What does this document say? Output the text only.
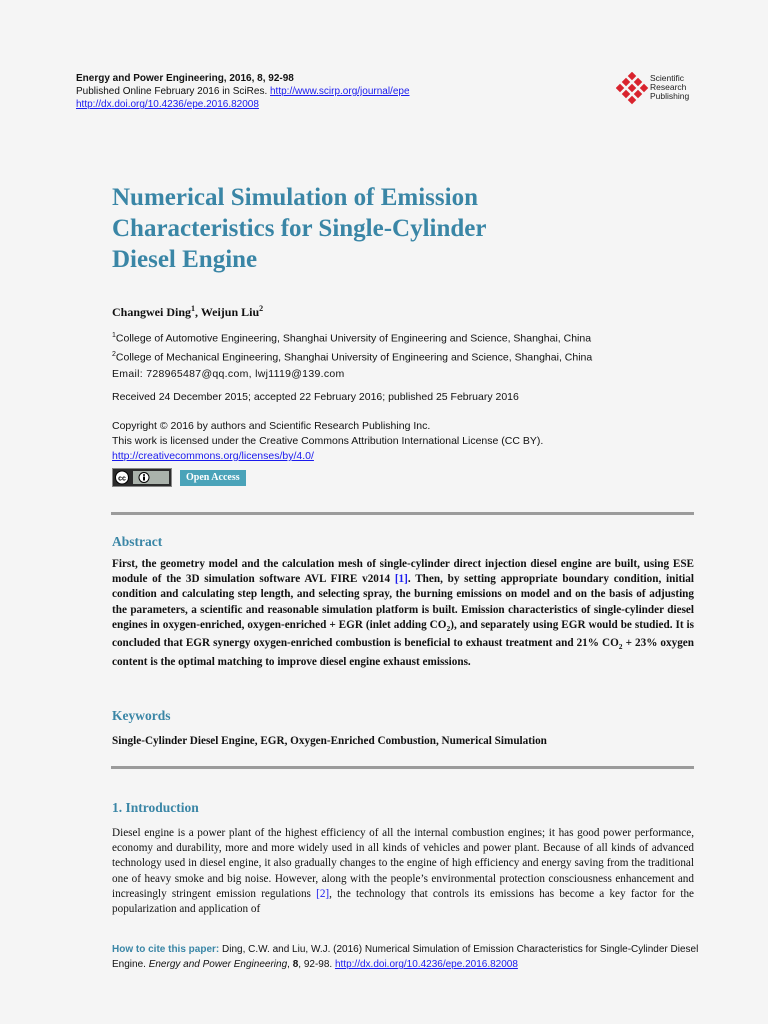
Energy and Power Engineering, 2016, 8, 92-98
Published Online February 2016 in SciRes. http://www.scirp.org/journal/epe
http://dx.doi.org/10.4236/epe.2016.82008
Scientific
Research
Publishing
Numerical Simulation of Emission
Characteristics for Single-Cylinder
Diesel Engine
Changwei Ding$^1$, Weijun Liu$^2$
$^1$College of Automotive Engineering, Shanghai University of Engineering and Science, Shanghai, China
$^2$College of Mechanical Engineering, Shanghai University of Engineering and Science, Shanghai, China
Email: 728965487@qq.com, lwj1119@139.com
Received 24 December 2015; accepted 22 February 2016; published 25 February 2016
Copyright © 2016 by authors and Scientific Research Publishing Inc.
This work is licensed under the Creative Commons Attribution International License (CC BY).
http://creativecommons.org/licenses/by/4.0/
cc	Open Access
Abstract
First, the geometry model and the calculation mesh of single-cylinder direct injection diesel engine are built, using ESE module of the 3D simulation software AVL FIRE v2014 [1]. Then, by setting appropriate boundary condition, initial condition and calculating step length, and selecting spray, the burning emissions on model and on the basis of adjusting the parameters, a scientific and reasonable simulation platform is built. Emission characteristics of single-cylinder diesel engines in oxygen-enriched, oxygen-enriched + EGR (inlet adding $CO_2$), and separately using EGR would be studied. It is concluded that EGR synergy oxygen-enriched combustion is beneficial to exhaust treatment and 21% $CO_2 + 23\%$ oxygen content is the optimal matching to improve diesel engine exhaust emissions.
Keywords
Single-Cylinder Diesel Engine, EGR, Oxygen-Enriched Combustion, Numerical Simulation
1. Introduction
Diesel engine is a power plant of the highest efficiency of all the internal combustion engines; it has good power performance, economy and durability, more and more widely used in all kinds of vehicles and power plant. Because of all kinds of advanced technology used in diesel engine, it also gradually changes to the engine of high efficiency and energy saving from the traditional one of heavy smoke and big noise. However, along with the people’s environmental protection consciousness enhancement and increasingly stringent emission regulations [2], the technology that controls its emissions has become a key factor for the popularization and application of
How to cite this paper: Ding, C.W. and Liu, W.J. (2016) Numerical Simulation of Emission Characteristics for Single-Cylinder Diesel Engine. Energy and Power Engineering, 8, 92-98. http://dx.doi.org/10.4236/epe.2016.82008
